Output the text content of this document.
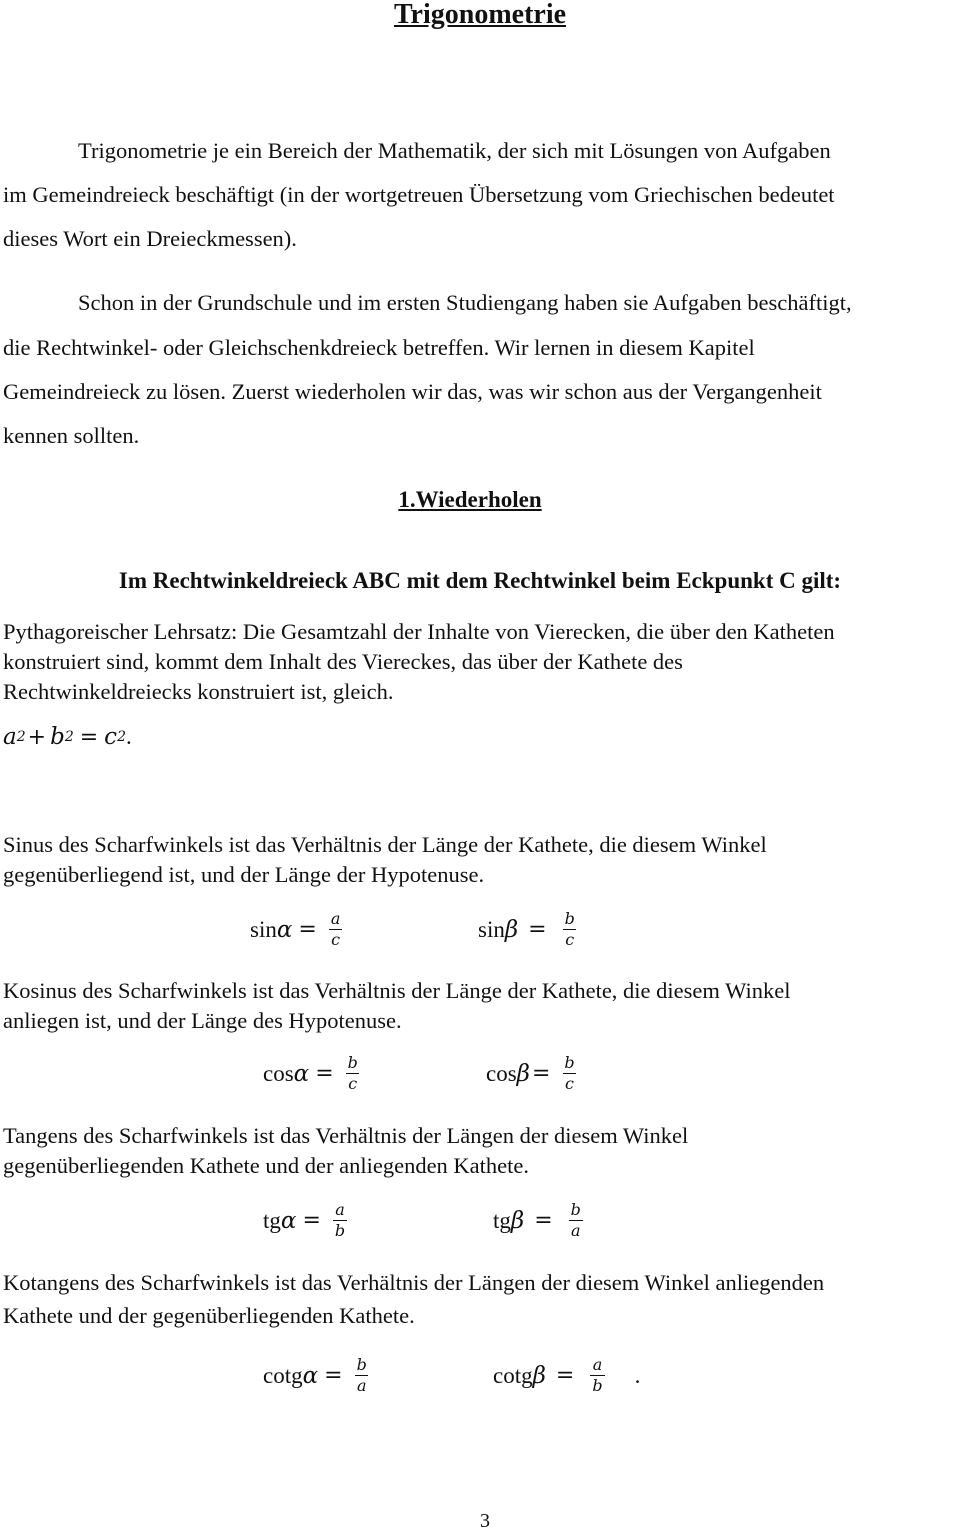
Trigonometrie
Trigonometrie je ein Bereich der Mathematik, der sich mit Lösungen von Aufgaben
im Gemeindreieck beschäftigt (in der wortgetreuen Übersetzung vom Griechischen bedeutet
dieses Wort ein Dreieckmessen).
Schon in der Grundschule und im ersten Studiengang haben sie Aufgaben beschäftigt,
die Rechtwinkel- oder Gleichschenkdreieck betreffen. Wir lernen in diesem Kapitel
Gemeindreieck zu lösen. Zuerst wiederholen wir das, was wir schon aus der Vergangenheit
kennen sollten.
1.Wiederholen
Im Rechtwinkeldreieck ABC mit dem Rechtwinkel beim Eckpunkt C gilt:
Pythagoreischer Lehrsatz: Die Gesamtzahl der Inhalte von Vierecken, die über den Katheten
konstruiert sind, kommt dem Inhalt des Viereckes, das über der Kathete des
Rechtwinkeldreiecks konstruiert ist, gleich.
a 2 + b 2 = c 2 .
Sinus des Scharfwinkels ist das Verhältnis der Länge der Kathete, die diesem Winkel
gegenüberliegend ist, und der Länge der Hypotenuse.
$\sin \alpha = \frac{a}{c}$	$\sin \beta = \frac{b}{c}$
Kosinus des Scharfwinkels ist das Verhältnis der Länge der Kathete, die diesem Winkel
anliegen ist, und der Länge des Hypotenuse.
$\cos \alpha = \frac{b}{c}$	$\cos \beta = \frac{b}{c}$
Tangens des Scharfwinkels ist das Verhältnis der Längen der diesem Winkel
gegenüberliegenden Kathete und der anliegenden Kathete.
tg $\alpha = \frac{a}{b}$	tg $\beta = \frac{b}{a}$
Kotangens des Scharfwinkels ist das Verhältnis der Längen der diesem Winkel anliegenden
Kathete und der gegenüberliegenden Kathete.
cotg $\alpha = \frac{b}{a}$	cotg $\beta = \frac{a}{b}$ .
3
